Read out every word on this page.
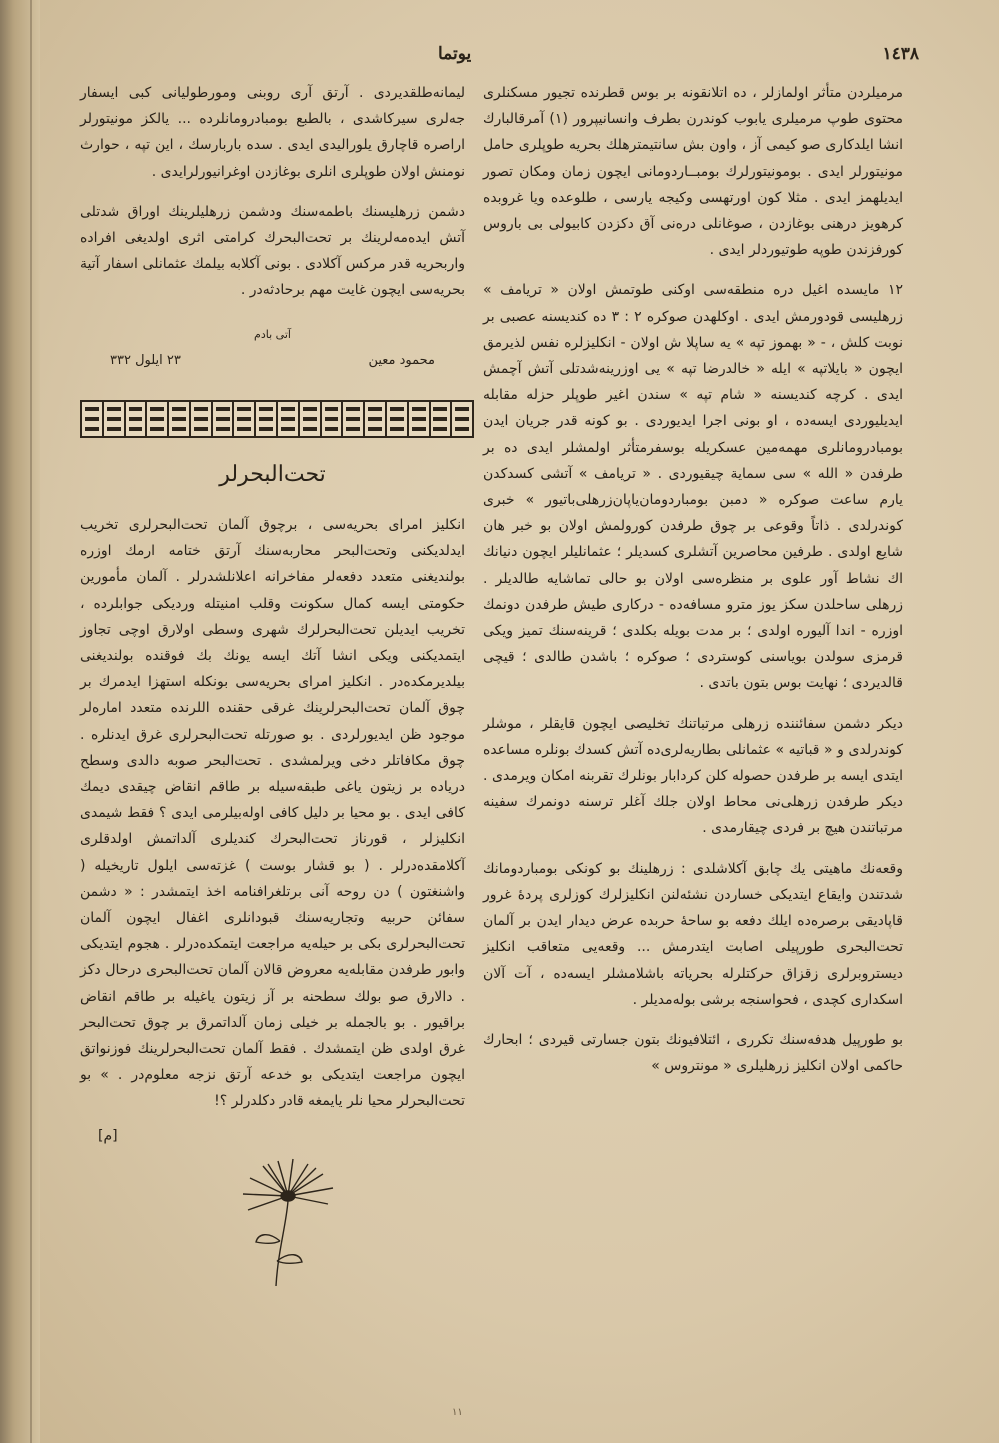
١٤٣٨
يوتما

مرميلردن متأثر اولمازلر ، ده اتلانقونه بر بوس قطرنده تجيور مسكنلرى محتوى طوپ مرميلرى يابوب كوندرن بطرف وانسانيپرور (١) آمرقالبارك انشا ايلدكارى صو كيمى آز ، واون بش سانتيمترهلك بحريه طوپلرى حامل مونيتورلر ايدى . بومونيتورلرك بومبــاردومانى ايچون زمان ومكان تصور ايديلهمز ايدى . مثلا كون اورتهسى وكيجه يارسى ، طلوعده ويا غروبده كرهويز درهنى بوغازدن ، صوغانلى دره‌نى آق دكزدن كابيولى بى باروس كورفزندن طوپه طوتيوردلر ايدى .

١٢ مايسده اغيل دره منطقه‌سى اوكنى طوتمش اولان « تريامف » زرهليسى قودورمش ايدى . اوكلهدن صوكره ٢ : ٣ ده كنديسنه عصبى بر نوبت كلش ، - « بهموز تپه » يه ساپلا ش اولان - انكليزلره نفس لذيرمق ايچون « بايلاتپه » ايله « خالدرضا تپه » يى اوزرينه‌شدتلى آتش آچمش ايدى . كرچه كنديسنه « شام تپه » سندن اغير طوپلر حزله مقابله ايديليوردى ايسه‌ده ، او بونى اجرا ايديوردى . بو كونه قدر جريان ايدن بومبادرومانلرى مهمه‌مين عسكريله بوسفرمتأثر اولمشلر ايدى ده بر طرفدن « الله » سى سماية چيقيوردى . « تريامف » آتشى كسدكدن يارم ساعت صوكره « دمبن بومباردومان‌ياپان‌زرهلى‌باتيور » خبرى كوندرلدى . ذاتاً وقوعى بر چوق طرفدن كورولمش اولان بو خبر هان شايع اولدى . طرفين محاصرين آتشلرى كسديلر ؛ عثمانليلر ايچون دنيانك اك نشاط آور علوى بر منظره‌سى اولان بو حالى تماشايه طالديلر . زرهلى ساحلدن سكز يوز مترو مسافه‌ده - دركارى طيش طرفدن دونمك اوزره - اندا آليوره اولدى ؛ بر مدت بويله بكلدى ؛ قرينه‌سنك تميز ويكى قرمزى سولدن بوياسنى كوستردى ؛ صوكره ؛ باشدن طالدى ؛ قيچى قالديردى ؛ نهايت بوس بتون باتدى .

ديكر دشمن سفائننده زرهلى مرتباتنك تخليصى ايچون قايقلر ، موشلر كوندرلدى و « قباتيه » عثمانلى بطاريه‌لرى‌ده آتش كسدك بونلره مساعده ايتدى ايسه بر طرفدن حصوله كلن كردابار بونلرك تقربنه امكان ويرمدى . ديكر طرفدن زرهلى‌نى محاط اولان جلك آغلر ترسنه دونمرك سفينه مرتباتندن هيچ بر فردى چيقارمدى .

وقعه‌نك ماهيتى يك چابق آكلاشلدى : زرهلينك بو كونكى بومباردومانك شدتندن وايقاع ايتديكى خساردن نشئه‌لنن انكليزلرك كوزلرى پردهٔ غرور قاپاديقى برصره‌ده ايلك دفعه بو ساحهٔ حربده عرض ديدار ايدن بر آلمان تحت‌البحرى طورپيلى اصابت ايتدرمش ... وقعه‌يى متعاقب انكليز ديستروبرلرى زقزاق حركتلرله بحرياته باشلامشلر ايسه‌ده ، آت آلان اسكدارى كچدى ، فحواسنجه برشى بوله‌مديلر .

بو طورپيل هدفه‌سنك تكررى ، ائتلافيونك بتون جسارتى قيردى ؛ ابحارك حاكمى اولان انكليز زرهليلرى « مونتروس »

ليمانه‌طلقديردى . آرتق آرى روبنى ومورطوليانى كبى ايسفار جه‌لرى سيركاشدى ، بالطبع بومبادرومانلرده ... يالكز مونيتورلر اراصره قاچارق يلوراليدى ايدى . سده باربارسك ، اين تپه ، حوارث نومنش اولان طوپلرى انلرى بوغازدن اوغرانيورلرايدى .

دشمن زرهليسنك باطمه‌سنك ودشمن زرهليلرينك اوراق شدتلى آتش ايده‌مه‌لرينك بر تحت‌البحرك كرامتى اثرى اولديغى افراده واربحريه قدر مركس آكلادى . بونى آكلابه بيلمك عثمانلى اسفار آتية بحريه‌سى ايچون غايت مهم برحادثه‌در .

آتى بادم
محمود معين
٢٣ ايلول ٣٣٢
تحت‌البحرلر
انكليز امراى بحريه‌سى ، برچوق آلمان تحت‌البحرلرى تخريب ايدلديكنى وتحت‌البحر محاربه‌سنك آرتق ختامه ارمك اوزره بولنديغنى متعدد دفعه‌لر مفاخرانه اعلانلشدرلر . آلمان مأمورين حكومتى ايسه كمال سكونت وقلب امنيتله ورديكى جوابلرده ، تخريب ايديلن تحت‌البحرلرك شهرى وسطى اولارق اوچى تجاوز ايتمديكنى ويكى انشا آتك ايسه يونك بك فوقنده بولنديغنى بيلديرمكده‌در . انكليز امراى بحريه‌سى بونكله استهزا ايدمرك بر چوق آلمان تحت‌البحرلرينك غرقى حقنده اللرنده متعدد اماره‌لر موجود ظن ايديورلردى . بو صورتله تحت‌البحرلرى غرق ايدنلره . چوق مكافاتلر دخى ويرلمشدى . تحت‌البحر صوبه دالدى وسطح درياده بر زيتون ياغى طبقه‌سيله بر طاقم انقاض چيقدى ديمك كافى ايدى . بو محيا بر دليل كافى اوله‌بيلرمى ايدى ؟ فقط شيمدى انكليزلر ، قورناز تحت‌البحرك كنديلرى آلداتمش اولدقلرى آكلامقده‌درلر . ( بو قشار بوست ) غزته‌سى ايلول تاريخيله ( واشنغتون ) دن روحه آنى برتلغرافنامه اخذ ايتمشدر : « دشمن سفائن حربيه وتجاريه‌سنك قبودانلرى اغفال ايچون آلمان تحت‌البحرلرى بكى بر حيله‌يه مراجعت ايتمكده‌درلر . هجوم ايتديكى وابور طرفدن مقابله‌يه معروض قالان آلمان تحت‌البحرى درحال دكز . دالارق صو بولك سطحنه بر آز زيتون ياغيله بر طاقم انقاض براقيور . بو بالجمله بر خيلى زمان آلداتمرق بر چوق تحت‌البحر غرق اولدى ظن ايتمشدك . فقط آلمان تحت‌البحرلرينك فوزنواتق ايچون مراجعت ايتديكى بو خدعه آرتق نزجه معلوم‌در . » بو تحت‌البحرلر محيا نلر يايمغه قادر دكلدرلر ؟!
[م]
١١
